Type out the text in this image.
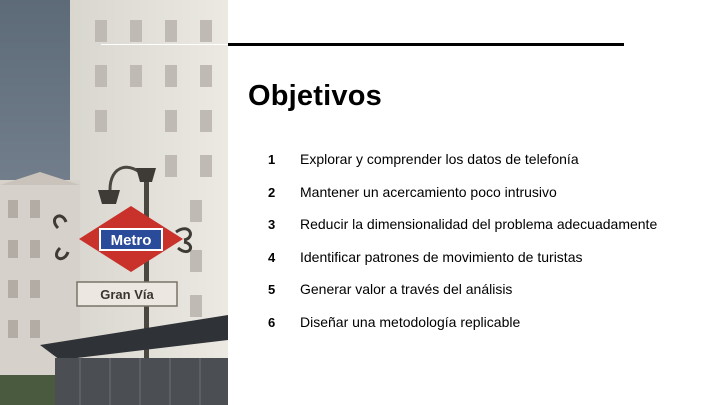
Metro
Gran Vía
Objetivos
1	Explorar y comprender los datos de telefonía
2	Mantener un acercamiento poco intrusivo
3	Reducir la dimensionalidad del problema adecuadamente
4	Identificar patrones de movimiento de turistas
5	Generar valor a través del análisis
6	Diseñar una metodología replicable
